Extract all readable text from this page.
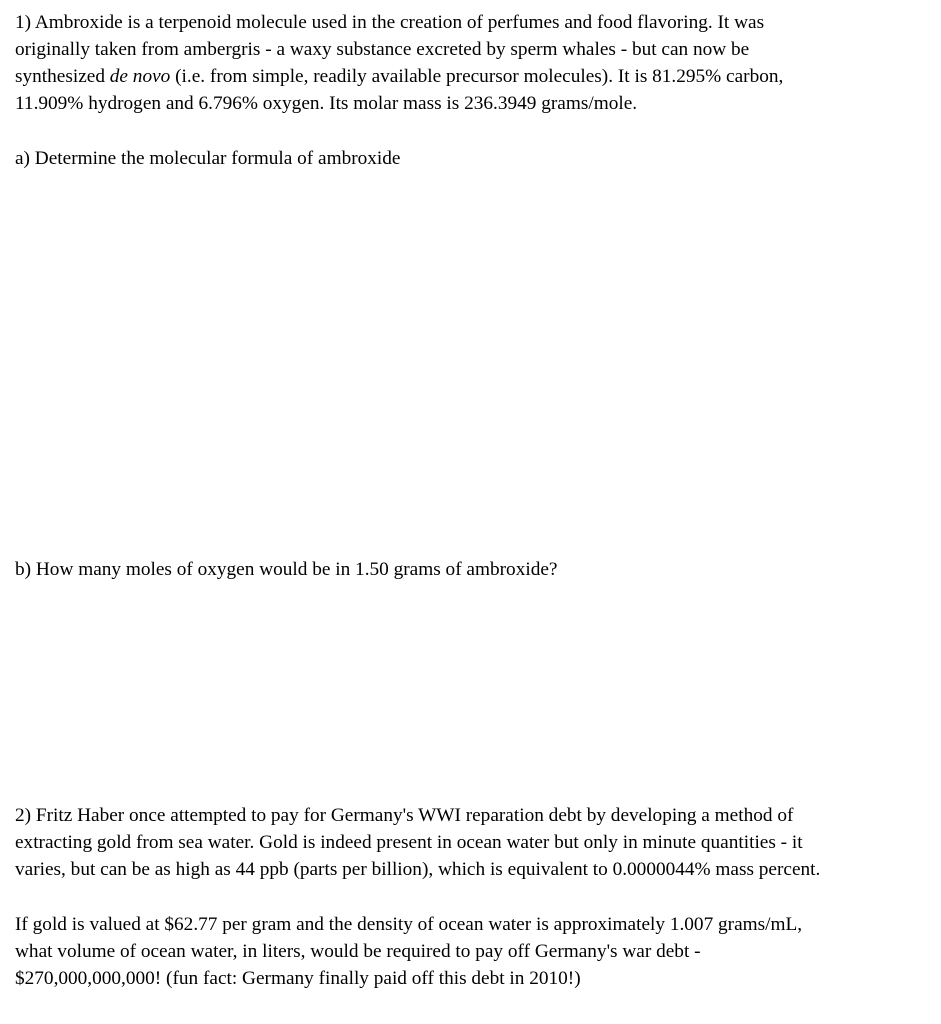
1) Ambroxide is a terpenoid molecule used in the creation of perfumes and food flavoring. It was
originally taken from ambergris - a waxy substance excreted by sperm whales - but can now be
synthesized de novo (i.e. from simple, readily available precursor molecules). It is 81.295% carbon,
11.909% hydrogen and 6.796% oxygen. Its molar mass is 236.3949 grams/mole.

a) Determine the molecular formula of ambroxide

b) How many moles of oxygen would be in 1.50 grams of ambroxide?

2) Fritz Haber once attempted to pay for Germany's WWI reparation debt by developing a method of
extracting gold from sea water. Gold is indeed present in ocean water but only in minute quantities - it
varies, but can be as high as 44 ppb (parts per billion), which is equivalent to 0.0000044% mass percent.

If gold is valued at $62.77 per gram and the density of ocean water is approximately 1.007 grams/mL,
what volume of ocean water, in liters, would be required to pay off Germany's war debt -
$270,000,000,000! (fun fact: Germany finally paid off this debt in 2010!)
